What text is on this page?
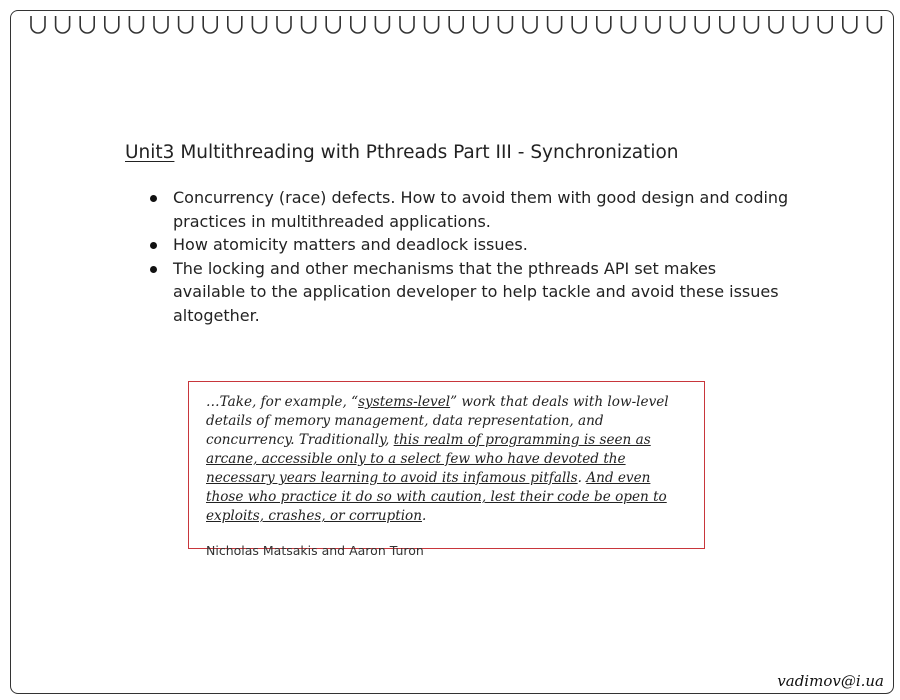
Unit3 Multithreading with Pthreads Part III - Synchronization
Concurrency (race) defects. How to avoid them with good design and coding practices in multithreaded applications.
How atomicity matters and deadlock issues.
The locking and other mechanisms that the pthreads API set makes available to the application developer to help tackle and avoid these issues altogether.

…Take, for example, “systems-level” work that deals with low-level details of memory management, data representation, and concurrency. Traditionally, this realm of programming is seen as arcane, accessible only to a select few who have devoted the necessary years learning to avoid its infamous pitfalls. And even those who practice it do so with caution, lest their code be open to exploits, crashes, or corruption.

Nicholas Matsakis and Aaron Turon
vadimov@i.ua
